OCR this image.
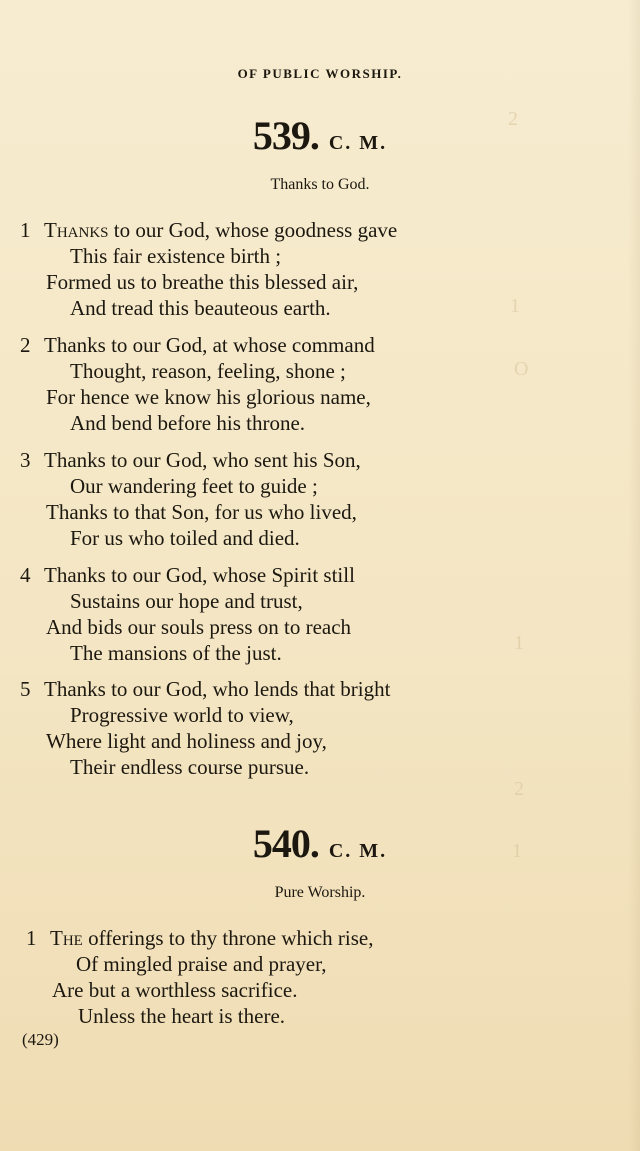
2
1
O
1
2
1
OF PUBLIC WORSHIP.
539. C. M.
Thanks to God.
1 Thanks to our God, whose goodness gave
This fair existence birth ;
Formed us to breathe this blessed air,
And tread this beauteous earth.
2 Thanks to our God, at whose command
Thought, reason, feeling, shone ;
For hence we know his glorious name,
And bend before his throne.
3 Thanks to our God, who sent his Son,
Our wandering feet to guide ;
Thanks to that Son, for us who lived,
For us who toiled and died.
4 Thanks to our God, whose Spirit still
Sustains our hope and trust,
And bids our souls press on to reach
The mansions of the just.
5 Thanks to our God, who lends that bright
Progressive world to view,
Where light and holiness and joy,
Their endless course pursue.
540. C. M.
Pure Worship.
1 The offerings to thy throne which rise,
Of mingled praise and prayer,
Are but a worthless sacrifice.
Unless the heart is there.
(429)
